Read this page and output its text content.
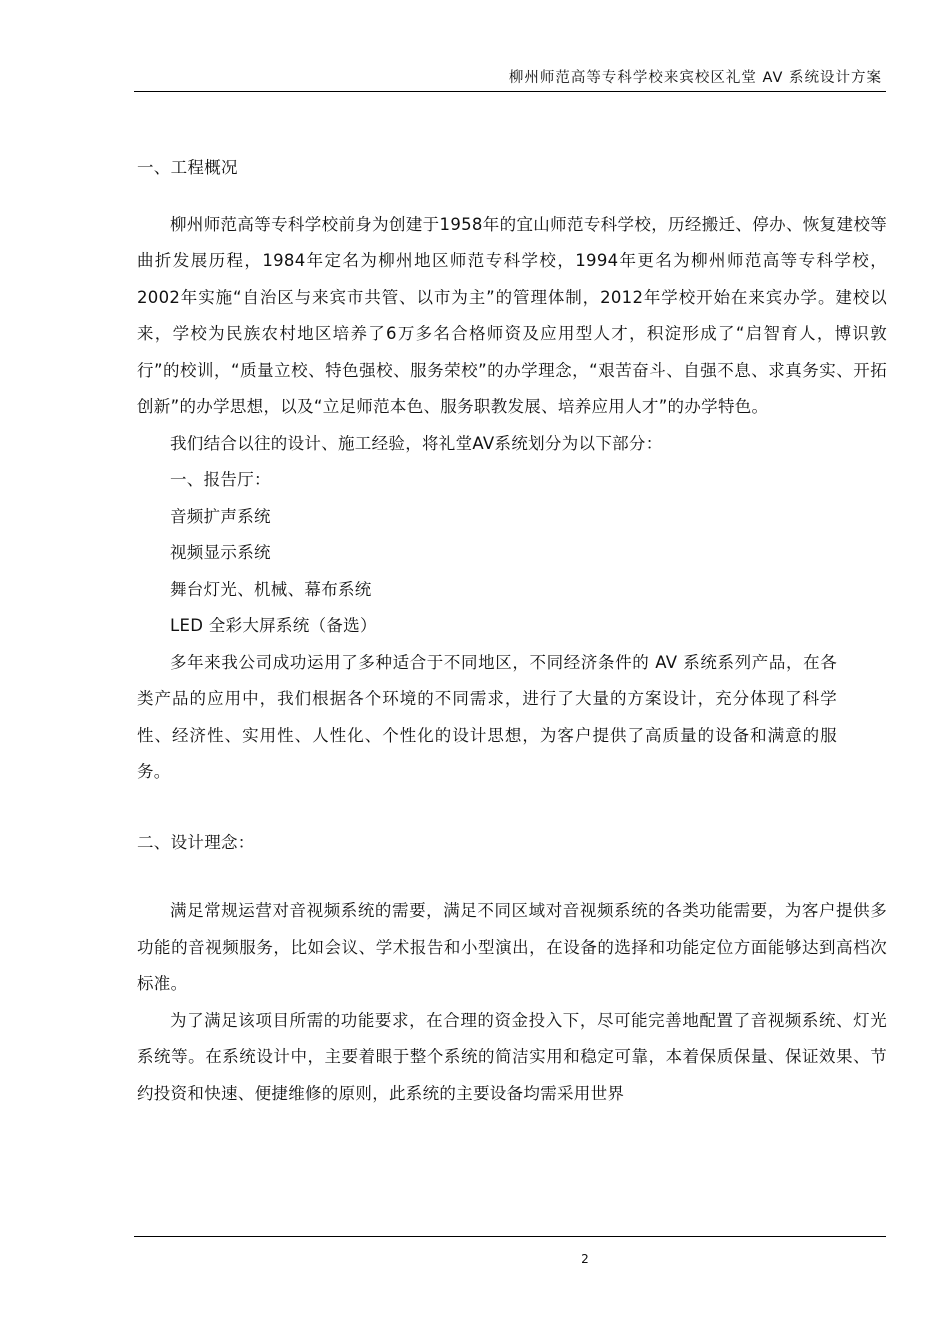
柳州师范高等专科学校来宾校区礼堂 AV 系统设计方案

一、工程概况

柳州师范高等专科学校前身为创建于1958年的宜山师范专科学校，历经搬迁、停办、恢复建校等曲折发展历程，1984年定名为柳州地区师范专科学校，1994年更名为柳州师范高等专科学校，2002年实施“自治区与来宾市共管、以市为主”的管理体制，2012年学校开始在来宾办学。建校以来，学校为民族农村地区培养了6万多名合格师资及应用型人才，积淀形成了“启智育人，博识敦行”的校训，“质量立校、特色强校、服务荣校”的办学理念，“艰苦奋斗、自强不息、求真务实、开拓创新”的办学思想，以及“立足师范本色、服务职教发展、培养应用人才”的办学特色。

我们结合以往的设计、施工经验，将礼堂AV系统划分为以下部分：

一、报告厅：

音频扩声系统

视频显示系统

舞台灯光、机械、幕布系统

LED 全彩大屏系统（备选）

多年来我公司成功运用了多种适合于不同地区，不同经济条件的 AV 系统系列产品，在各类产品的应用中，我们根据各个环境的不同需求，进行了大量的方案设计，充分体现了科学性、经济性、实用性、人性化、个性化的设计思想，为客户提供了高质量的设备和满意的服务。

二、设计理念：

满足常规运营对音视频系统的需要，满足不同区域对音视频系统的各类功能需要，为客户提供多功能的音视频服务，比如会议、学术报告和小型演出，在设备的选择和功能定位方面能够达到高档次标准。

为了满足该项目所需的功能要求，在合理的资金投入下，尽可能完善地配置了音视频系统、灯光系统等。在系统设计中，主要着眼于整个系统的简洁实用和稳定可靠，本着保质保量、保证效果、节约投资和快速、便捷维修的原则，此系统的主要设备均需采用世界

2
